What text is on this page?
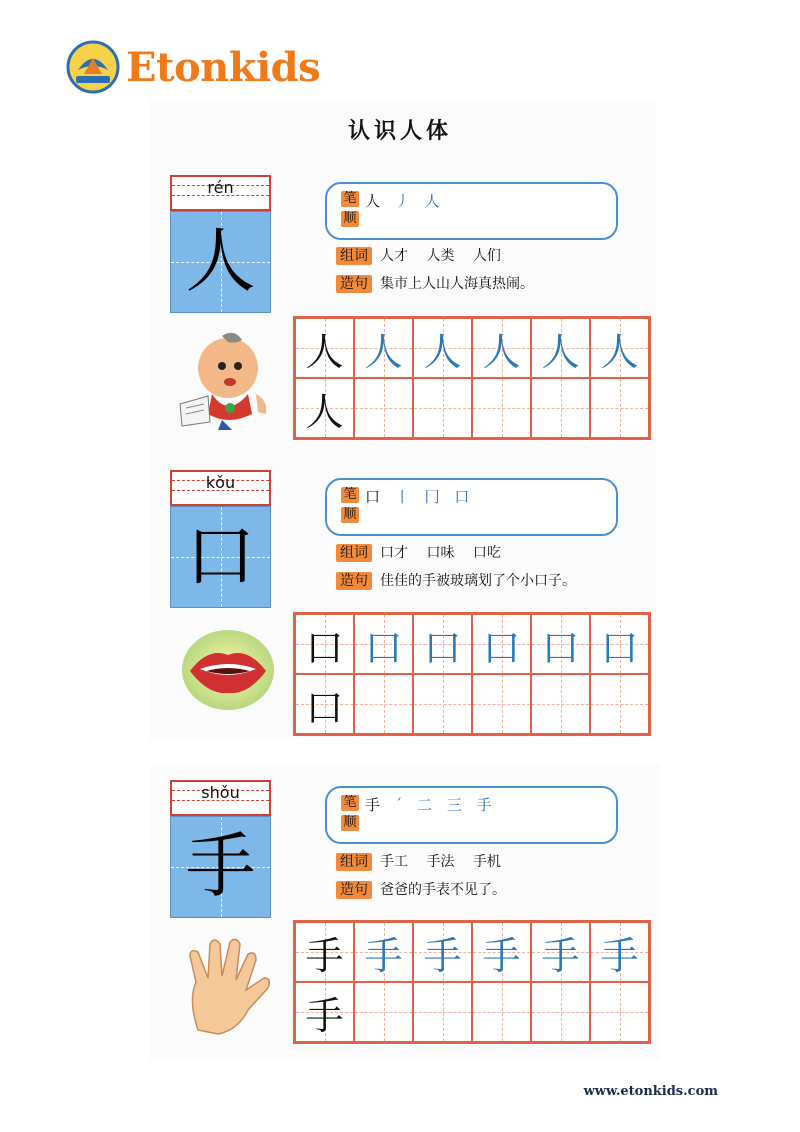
Etonkids
认识人体
rén
人
笔
顺
人 丿 人
组词 人才　 人类　 人们
造句 集市上人山人海真热闹。
人 人 人 人 人 人
人
kǒu
口
笔
顺
口 丨 冂 口
组词 口才　 口味　 口吃
造句 佳佳的手被玻璃划了个小口子。
口 口 口 口 口 口
口
shǒu
手
笔
顺
手 ˊ 二 三 手
组词 手工　 手法　 手机
造句 爸爸的手表不见了。
手 手 手 手 手 手
手
www.etonkids.com
